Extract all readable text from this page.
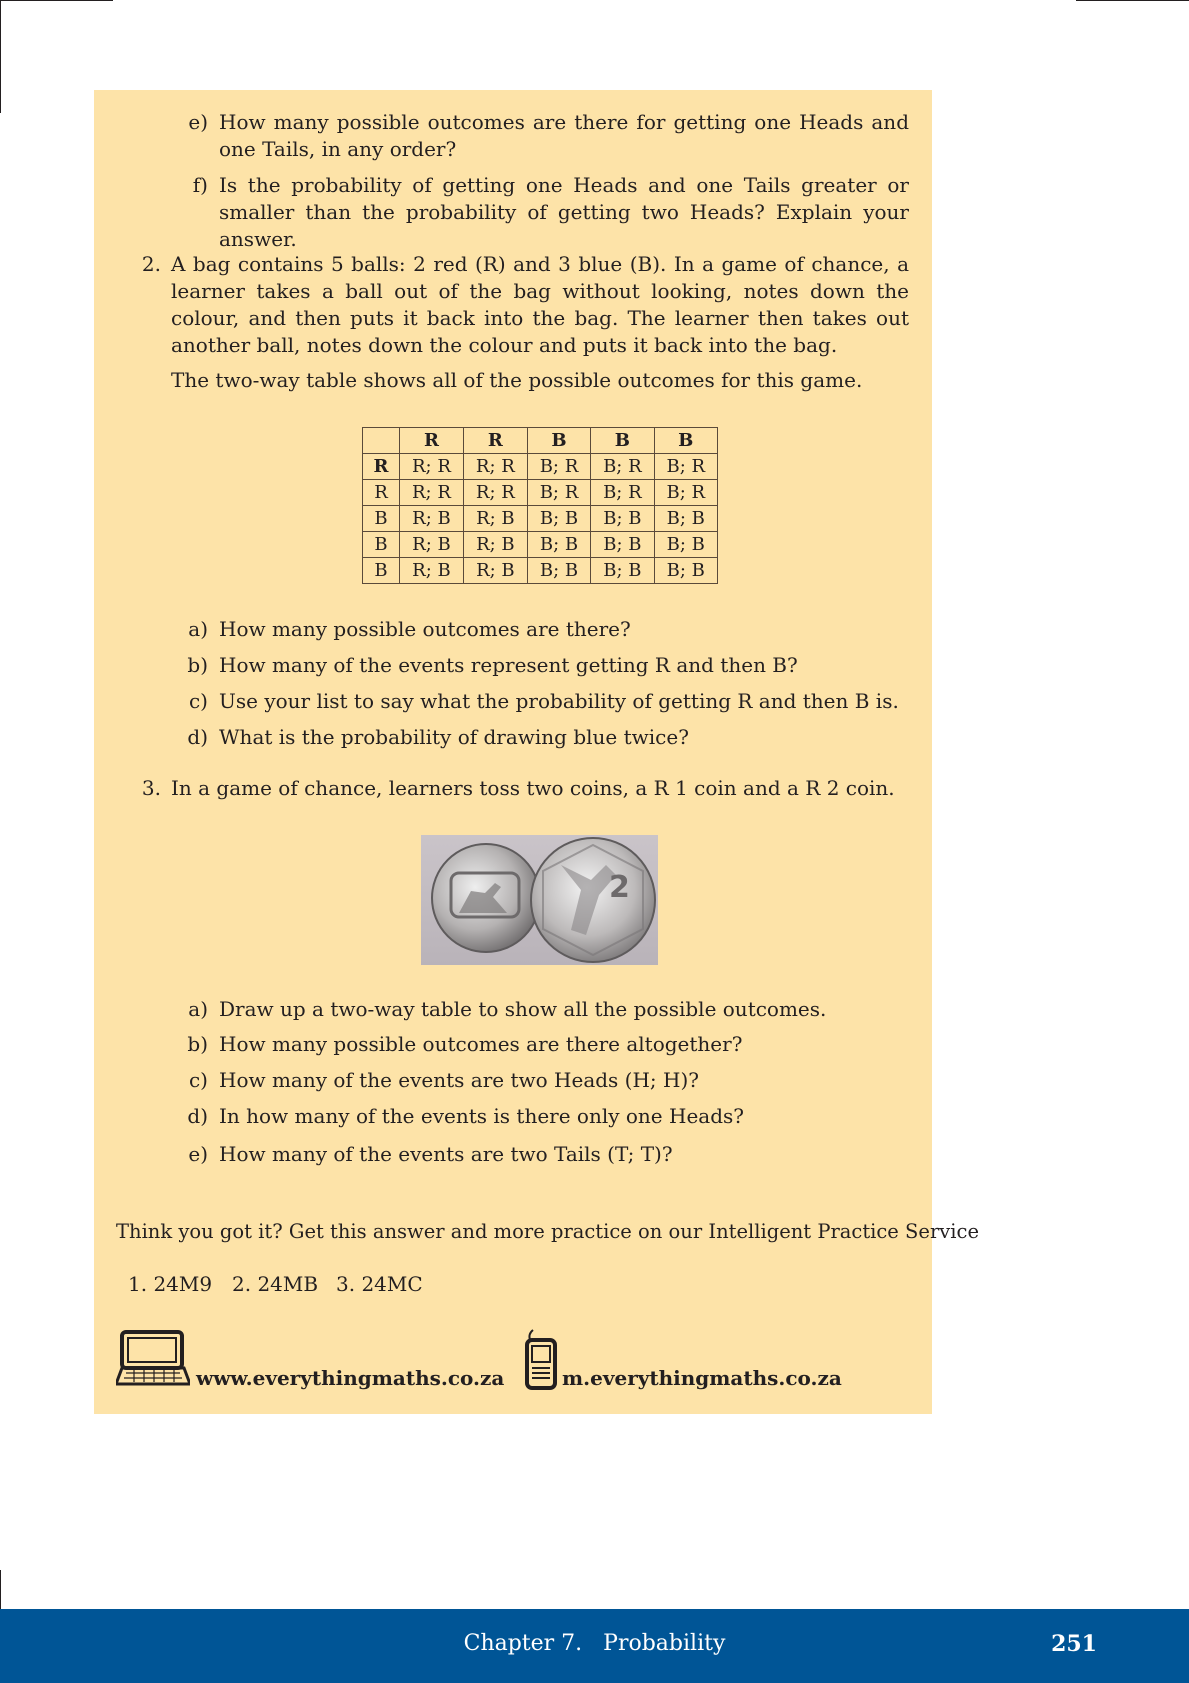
e) How many possible outcomes are there for getting one Heads and one Tails, in any order?

f) Is the probability of getting one Heads and one Tails greater or smaller than the probability of getting two Heads? Explain your answer.

2. A bag contains 5 balls: 2 red (R) and 3 blue (B). In a game of chance, a learner takes a ball out of the bag without looking, notes down the colour, and then puts it back into the bag. The learner then takes out another ball, notes down the colour and puts it back into the bag.

The two-way table shows all of the possible outcomes for this game.

	R	R	B	B	B
R	R; R	R; R	B; R	B; R	B; R
R	R; R	R; R	B; R	B; R	B; R
B	R; B	R; B	B; B	B; B	B; B
B	R; B	R; B	B; B	B; B	B; B
B	R; B	R; B	B; B	B; B	B; B
a) How many possible outcomes are there?

b) How many of the events represent getting R and then B?

c) Use your list to say what the probability of getting R and then B is.

d) What is the probability of drawing blue twice?

3. In a game of chance, learners toss two coins, a R 1 coin and a R 2 coin.

2
a) Draw up a two-way table to show all the possible outcomes.

b) How many possible outcomes are there altogether?

c) How many of the events are two Heads (H; H)?

d) In how many of the events is there only one Heads?

e) How many of the events are two Tails (T; T)?

Think you got it? Get this answer and more practice on our Intelligent Practice Service

1. 24M9 2. 24MB 3. 24MC

www.everythingmaths.co.za	m.everythingmaths.co.za
Chapter 7.   Probability	251
